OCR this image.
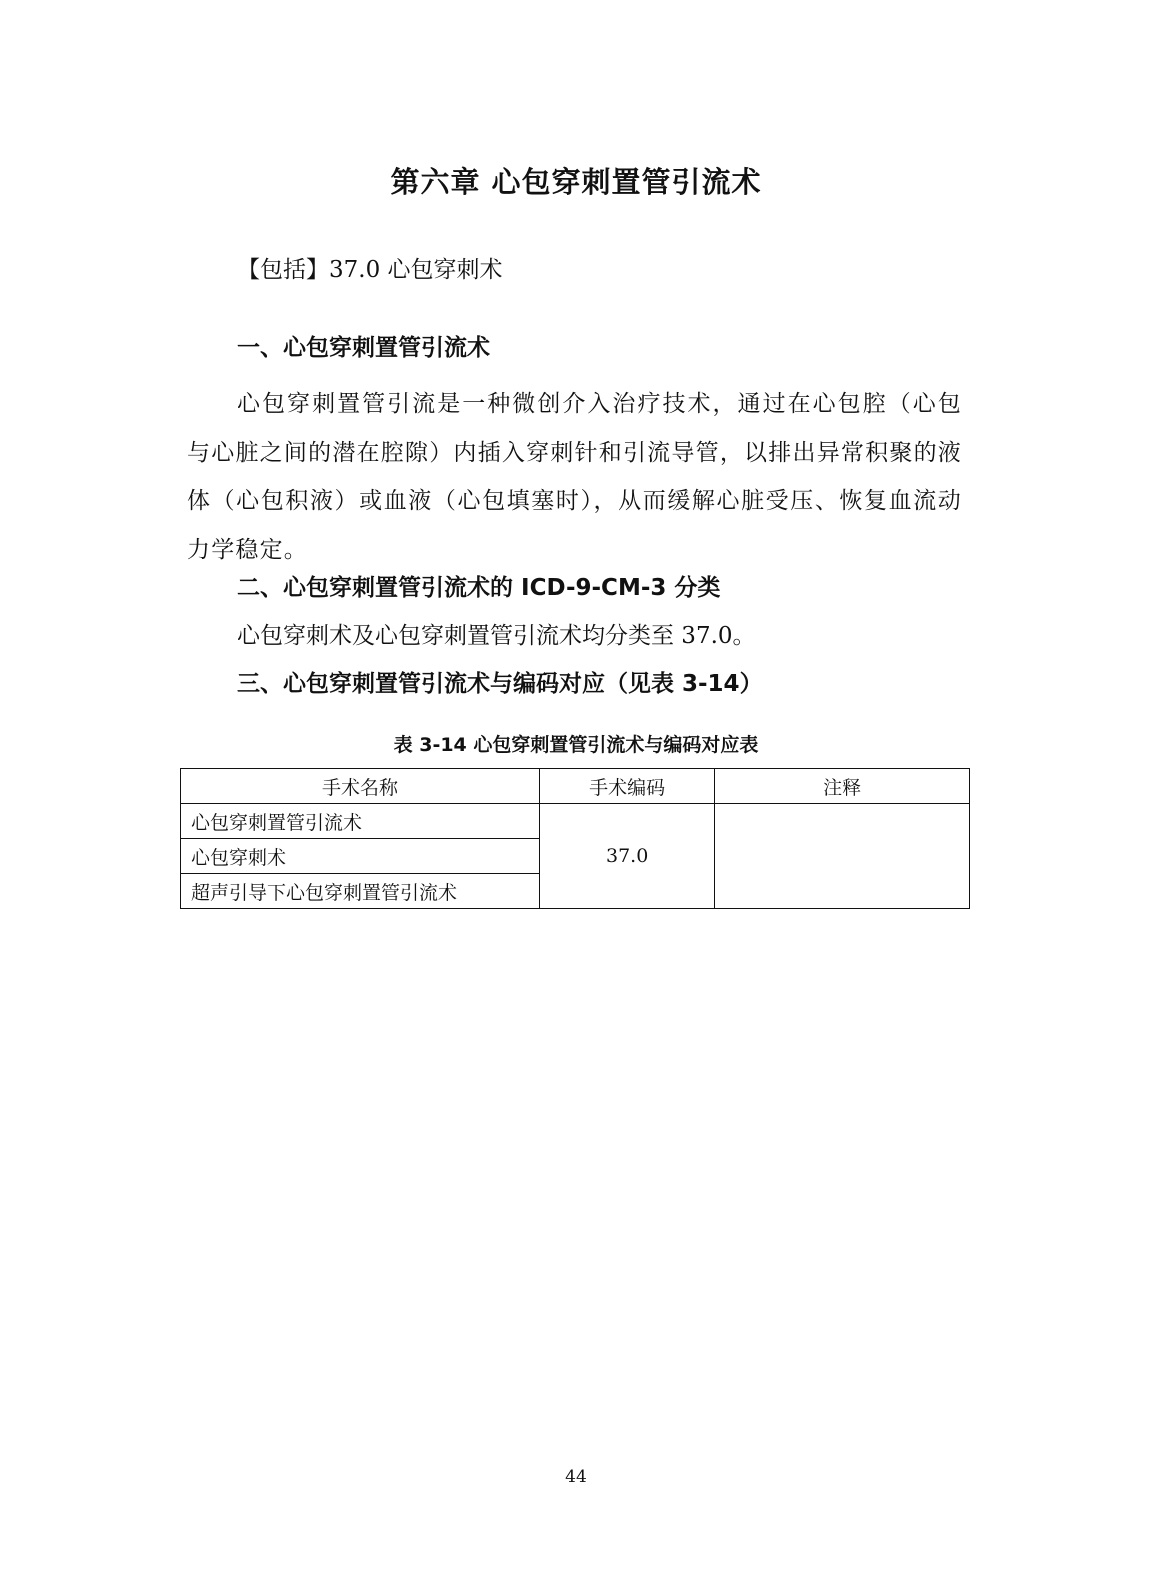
第六章 心包穿刺置管引流术
【包括】37.0 心包穿刺术
一、心包穿刺置管引流术
心包穿刺置管引流是一种微创介入治疗技术，通过在心包腔（心包与心脏之间的潜在腔隙）内插入穿刺针和引流导管，以排出异常积聚的液体（心包积液）或血液（心包填塞时），从而缓解心脏受压、恢复血流动力学稳定。
二、心包穿刺置管引流术的 ICD-9-CM-3 分类
心包穿刺术及心包穿刺置管引流术均分类至 37.0。
三、心包穿刺置管引流术与编码对应（见表 3-14）
表 3-14 心包穿刺置管引流术与编码对应表
手术名称	手术编码	注释
心包穿刺置管引流术	37.0	
心包穿刺术		
超声引导下心包穿刺置管引流术		
44
